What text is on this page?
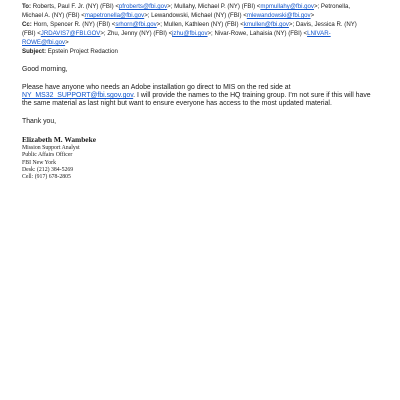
To: Roberts, Paul F. Jr. (NY) (FBI) <pfroberts@fbi.gov>; Mullahy, Michael P. (NY) (FBI) <mpmullahy@fbi.gov>; Petronella,
Michael A. (NY) (FBI) <mapetronella@fbi.gov>; Lewandowski, Michael (NY) (FBI) <mlewandowski@fbi.gov>
Cc: Horn, Spencer R. (NY) (FBI) <srhorn@fbi.gov>; Mullen, Kathleen (NY) (FBI) <kmullen@fbi.gov>; Davis, Jessica R. (NY)
(FBI) <JRDAVIS7@FBI.GOV>; Zhu, Jenny (NY) (FBI) <jzhu@fbi.gov>; Nivar-Rowe, Lahaisia (NY) (FBI) <LNIVAR-
ROWE@fbi.gov>
Subject: Epstein Project Redaction

Good morning,

Please have anyone who needs an Adobe installation go direct to MIS on the red side at
NY_MS32_SUPPORT@fbi.sgov.gov. I will provide the names to the HQ training group. I’m not sure if this will have the same material as last night but want to ensure everyone has access to the most updated material.

Thank you,

Elizabeth M. Wambeke
Mission Support Analyst
Public Affairs Officer
FBI New York
Desk: (212) 384-5269
Cell: (917) 678-2805
